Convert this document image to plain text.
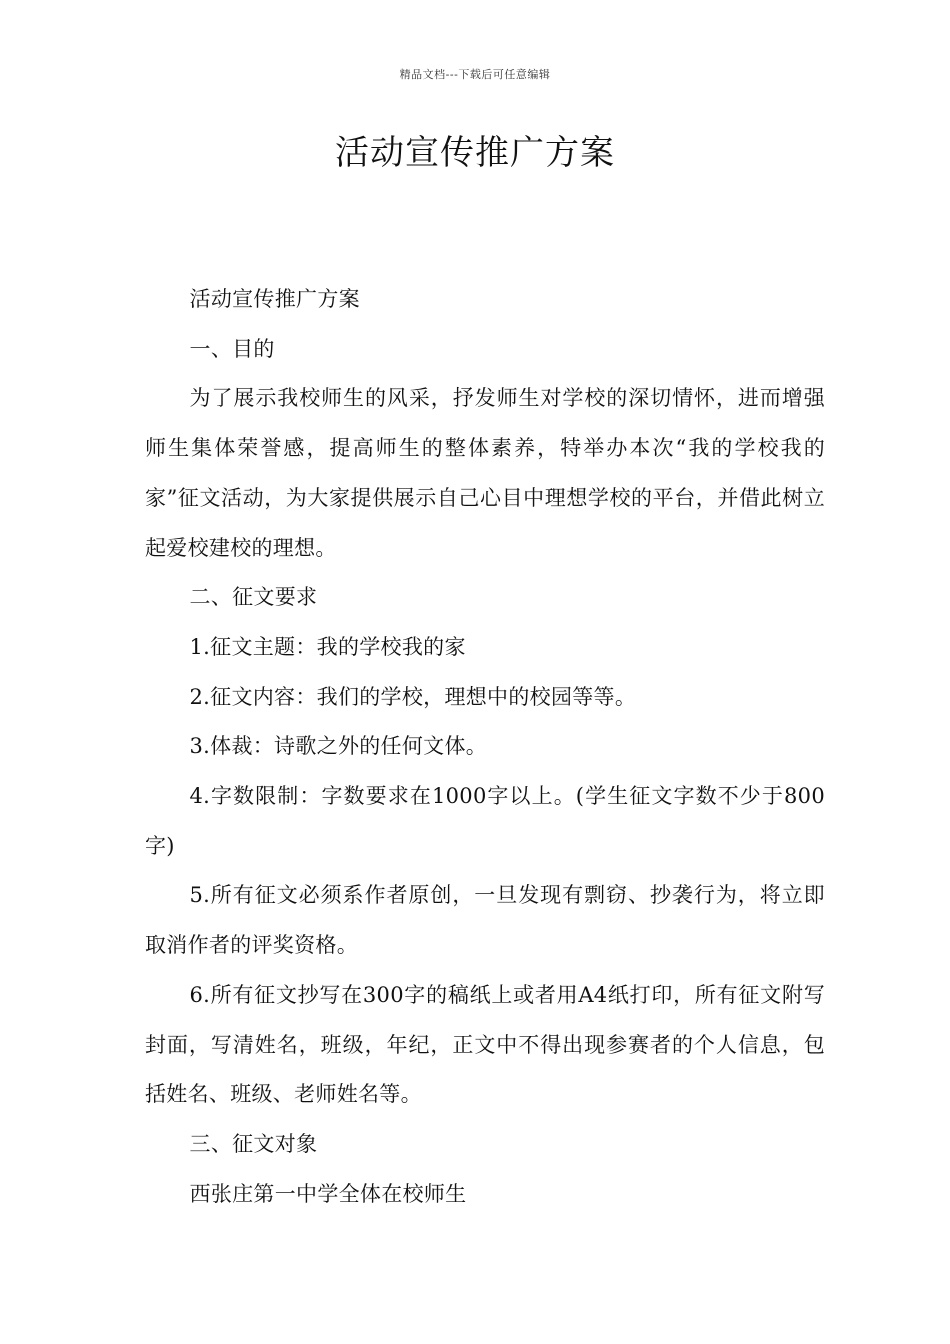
精品文档---下载后可任意编辑
活动宣传推广方案

活动宣传推广方案

一、目的

为了展示我校师生的风采，抒发师生对学校的深切情怀，进而增强师生集体荣誉感，提高师生的整体素养，特举办本次“我的学校我的家”征文活动，为大家提供展示自己心目中理想学校的平台，并借此树立起爱校建校的理想。

二、征文要求

1.征文主题：我的学校我的家

2.征文内容：我们的学校，理想中的校园等等。

3.体裁：诗歌之外的任何文体。

4.字数限制：字数要求在1000字以上。(学生征文字数不少于800字)

5.所有征文必须系作者原创，一旦发现有剽窃、抄袭行为，将立即取消作者的评奖资格。

6.所有征文抄写在300字的稿纸上或者用A4纸打印，所有征文附写封面，写清姓名，班级，年纪，正文中不得出现参赛者的个人信息，包括姓名、班级、老师姓名等。

三、征文对象

西张庄第一中学全体在校师生
